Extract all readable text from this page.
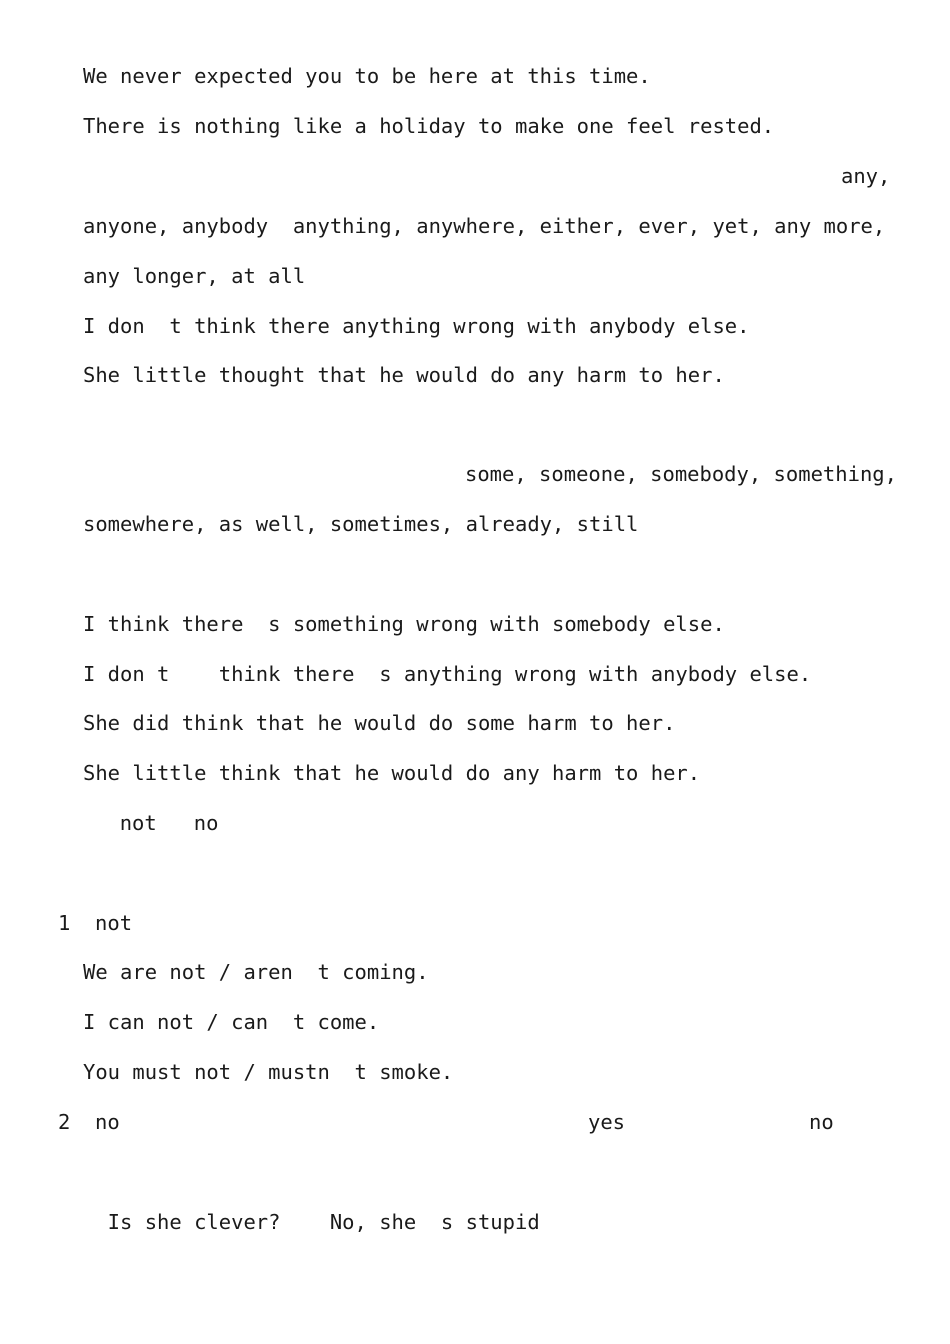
We never expected you to be here at this time.
There is nothing like a holiday to make one feel rested.

any,
anyone, anybody  anything, anywhere, either, ever, yet, any more,
any longer, at all
I don  t think there anything wrong with anybody else.
She little thought that he would do any harm to her.

some, someone, somebody, something,
somewhere, as well, sometimes, already, still

I think there  s something wrong with somebody else.
I don t    think there  s anything wrong with anybody else.
She did think that he would do some harm to her.
She little think that he would do any harm to her.
not   no

1  not
We are not / aren  t coming.
I can not / can  t come.
You must not / mustn  t smoke.
2  no	yes	no

Is she clever?    No, she  s stupid
